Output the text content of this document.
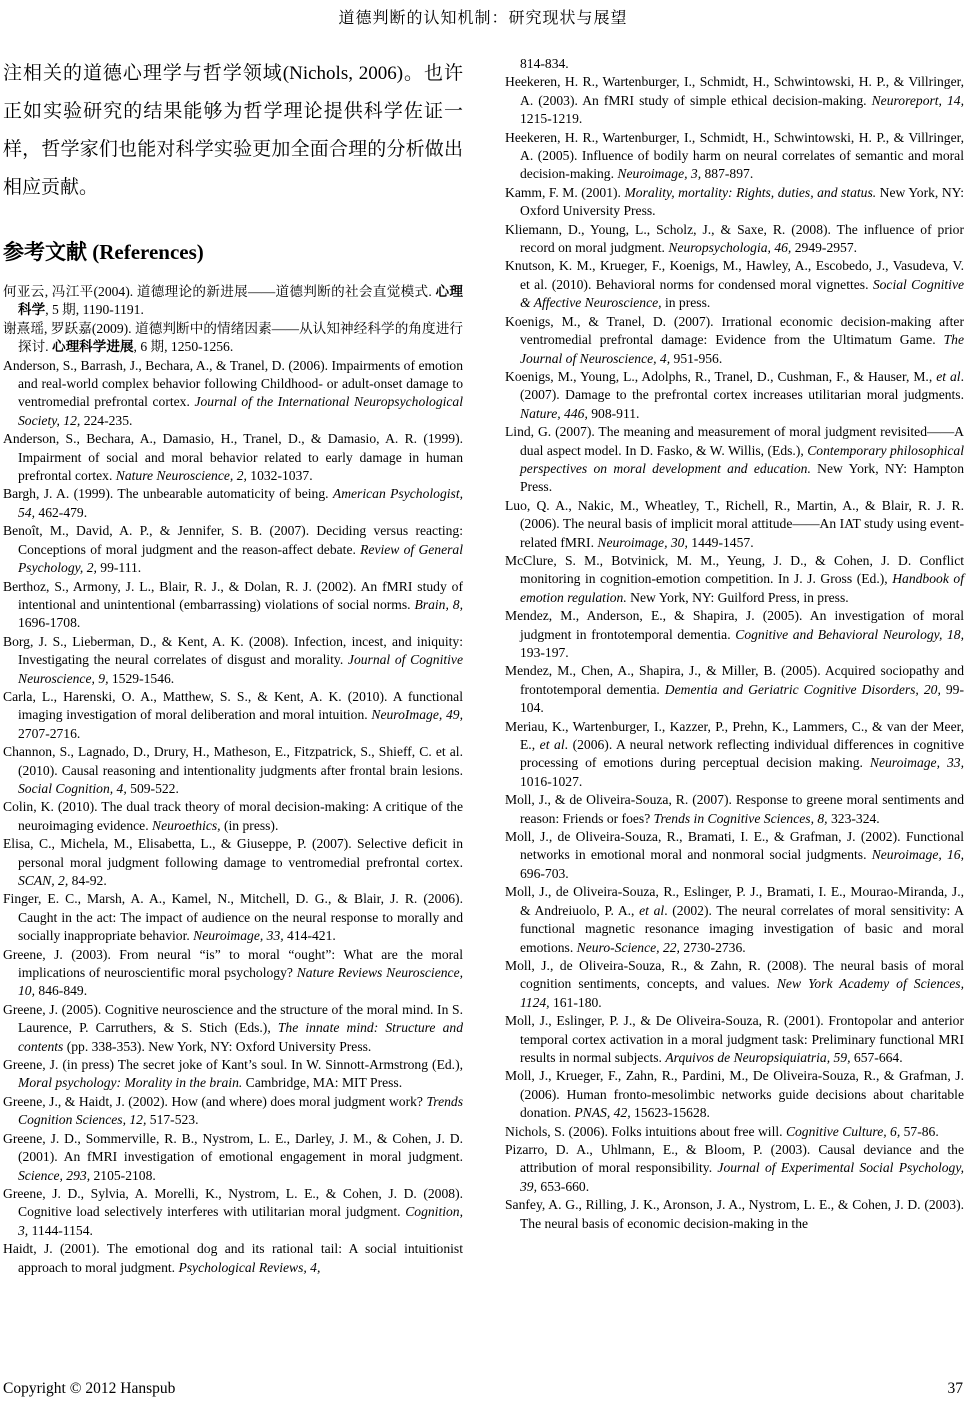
道德判断的认知机制：研究现状与展望

注相关的道德心理学与哲学领域(Nichols, 2006)。也许正如实验研究的结果能够为哲学理论提供科学佐证一样，哲学家们也能对科学实验更加全面合理的分析做出相应贡献。

参考文献 (References)
何亚云, 冯江平(2004). 道德理论的新进展——道德判断的社会直觉模式. 心理科学, 5 期, 1190-1191.
谢熹瑶, 罗跃嘉(2009). 道德判断中的情绪因素——从认知神经科学的角度进行探讨. 心理科学进展, 6 期, 1250-1256.
Anderson, S., Barrash, J., Bechara, A., & Tranel, D. (2006). Impairments of emotion and real-world complex behavior following Childhood- or adult-onset damage to ventromedial prefrontal cortex. Journal of the International Neuropsychological Society, 12, 224-235.
Anderson, S., Bechara, A., Damasio, H., Tranel, D., & Damasio, A. R. (1999). Impairment of social and moral behavior related to early damage in human prefrontal cortex. Nature Neuroscience, 2, 1032-1037.
Bargh, J. A. (1999). The unbearable automaticity of being. American Psychologist, 54, 462-479.
Benoît, M., David, A. P., & Jennifer, S. B. (2007). Deciding versus reacting: Conceptions of moral judgment and the reason-affect debate. Review of General Psychology, 2, 99-111.
Berthoz, S., Armony, J. L., Blair, R. J., & Dolan, R. J. (2002). An fMRI study of intentional and unintentional (embarrassing) violations of social norms. Brain, 8, 1696-1708.
Borg, J. S., Lieberman, D., & Kent, A. K. (2008). Infection, incest, and iniquity: Investigating the neural correlates of disgust and morality. Journal of Cognitive Neuroscience, 9, 1529-1546.
Carla, L., Harenski, O. A., Matthew, S. S., & Kent, A. K. (2010). A functional imaging investigation of moral deliberation and moral intuition. NeuroImage, 49, 2707-2716.
Channon, S., Lagnado, D., Drury, H., Matheson, E., Fitzpatrick, S., Shieff, C. et al. (2010). Causal reasoning and intentionality judgments after frontal brain lesions. Social Cognition, 4, 509-522.
Colin, K. (2010). The dual track theory of moral decision-making: A critique of the neuroimaging evidence. Neuroethics, (in press).
Elisa, C., Michela, M., Elisabetta, L., & Giuseppe, P. (2007). Selective deficit in personal moral judgment following damage to ventromedial prefrontal cortex. SCAN, 2, 84-92.
Finger, E. C., Marsh, A. A., Kamel, N., Mitchell, D. G., & Blair, J. R. (2006). Caught in the act: The impact of audience on the neural response to morally and socially inappropriate behavior. Neuroimage, 33, 414-421.
Greene, J. (2003). From neural “is” to moral “ought”: What are the moral implications of neuroscientific moral psychology? Nature Reviews Neuroscience, 10, 846-849.
Greene, J. (2005). Cognitive neuroscience and the structure of the moral mind. In S. Laurence, P. Carruthers, & S. Stich (Eds.), The innate mind: Structure and contents (pp. 338-353). New York, NY: Oxford University Press.
Greene, J. (in press) The secret joke of Kant’s soul. In W. Sinnott-Armstrong (Ed.), Moral psychology: Morality in the brain. Cambridge, MA: MIT Press.
Greene, J., & Haidt, J. (2002). How (and where) does moral judgment work? Trends Cognition Sciences, 12, 517-523.
Greene, J. D., Sommerville, R. B., Nystrom, L. E., Darley, J. M., & Cohen, J. D. (2001). An fMRI investigation of emotional engagement in moral judgment. Science, 293, 2105-2108.
Greene, J. D., Sylvia, A. Morelli, K., Nystrom, L. E., & Cohen, J. D. (2008). Cognitive load selectively interferes with utilitarian moral judgment. Cognition, 3, 1144-1154.
Haidt, J. (2001). The emotional dog and its rational tail: A social intuitionist approach to moral judgment. Psychological Reviews, 4,
814-834.
Heekeren, H. R., Wartenburger, I., Schmidt, H., Schwintowski, H. P., & Villringer, A. (2003). An fMRI study of simple ethical decision-making. Neuroreport, 14, 1215-1219.
Heekeren, H. R., Wartenburger, I., Schmidt, H., Schwintowski, H. P., & Villringer, A. (2005). Influence of bodily harm on neural correlates of semantic and moral decision-making. Neuroimage, 3, 887-897.
Kamm, F. M. (2001). Morality, mortality: Rights, duties, and status. New York, NY: Oxford University Press.
Kliemann, D., Young, L., Scholz, J., & Saxe, R. (2008). The influence of prior record on moral judgment. Neuropsychologia, 46, 2949-2957.
Knutson, K. M., Krueger, F., Koenigs, M., Hawley, A., Escobedo, J., Vasudeva, V. et al. (2010). Behavioral norms for condensed moral vignettes. Social Cognitive & Affective Neuroscience, in press.
Koenigs, M., & Tranel, D. (2007). Irrational economic decision-making after ventromedial prefrontal damage: Evidence from the Ultimatum Game. The Journal of Neuroscience, 4, 951-956.
Koenigs, M., Young, L., Adolphs, R., Tranel, D., Cushman, F., & Hauser, M., et al. (2007). Damage to the prefrontal cortex increases utilitarian moral judgments. Nature, 446, 908-911.
Lind, G. (2007). The meaning and measurement of moral judgment revisited——A dual aspect model. In D. Fasko, & W. Willis, (Eds.), Contemporary philosophical perspectives on moral development and education. New York, NY: Hampton Press.
Luo, Q. A., Nakic, M., Wheatley, T., Richell, R., Martin, A., & Blair, R. J. R. (2006). The neural basis of implicit moral attitude——An IAT study using event-related fMRI. Neuroimage, 30, 1449-1457.
McClure, S. M., Botvinick, M. M., Yeung, J. D., & Cohen, J. D. Conflict monitoring in cognition-emotion competition. In J. J. Gross (Ed.), Handbook of emotion regulation. New York, NY: Guilford Press, in press.
Mendez, M., Anderson, E., & Shapira, J. (2005). An investigation of moral judgment in frontotemporal dementia. Cognitive and Behavioral Neurology, 18, 193-197.
Mendez, M., Chen, A., Shapira, J., & Miller, B. (2005). Acquired sociopathy and frontotemporal dementia. Dementia and Geriatric Cognitive Disorders, 20, 99-104.
Meriau, K., Wartenburger, I., Kazzer, P., Prehn, K., Lammers, C., & van der Meer, E., et al. (2006). A neural network reflecting individual differences in cognitive processing of emotions during perceptual decision making. Neuroimage, 33, 1016-1027.
Moll, J., & de Oliveira-Souza, R. (2007). Response to greene moral sentiments and reason: Friends or foes? Trends in Cognitive Sciences, 8, 323-324.
Moll, J., de Oliveira-Souza, R., Bramati, I. E., & Grafman, J. (2002). Functional networks in emotional moral and nonmoral social judgments. Neuroimage, 16, 696-703.
Moll, J., de Oliveira-Souza, R., Eslinger, P. J., Bramati, I. E., Mourao-Miranda, J., & Andreiuolo, P. A., et al. (2002). The neural correlates of moral sensitivity: A functional magnetic resonance imaging investigation of basic and moral emotions. Neuro-Science, 22, 2730-2736.
Moll, J., de Oliveira-Souza, R., & Zahn, R. (2008). The neural basis of moral cognition sentiments, concepts, and values. New York Academy of Sciences, 1124, 161-180.
Moll, J., Eslinger, P. J., & De Oliveira-Souza, R. (2001). Frontopolar and anterior temporal cortex activation in a moral judgment task: Preliminary functional MRI results in normal subjects. Arquivos de Neuropsiquiatria, 59, 657-664.
Moll, J., Krueger, F., Zahn, R., Pardini, M., De Oliveira-Souza, R., & Grafman, J. (2006). Human fronto-mesolimbic networks guide decisions about charitable donation. PNAS, 42, 15623-15628.
Nichols, S. (2006). Folks intuitions about free will. Cognitive Culture, 6, 57-86.
Pizarro, D. A., Uhlmann, E., & Bloom, P. (2003). Causal deviance and the attribution of moral responsibility. Journal of Experimental Social Psychology, 39, 653-660.
Sanfey, A. G., Rilling, J. K., Aronson, J. A., Nystrom, L. E., & Cohen, J. D. (2003). The neural basis of economic decision-making in the
Copyright © 2012 Hanspub	37
